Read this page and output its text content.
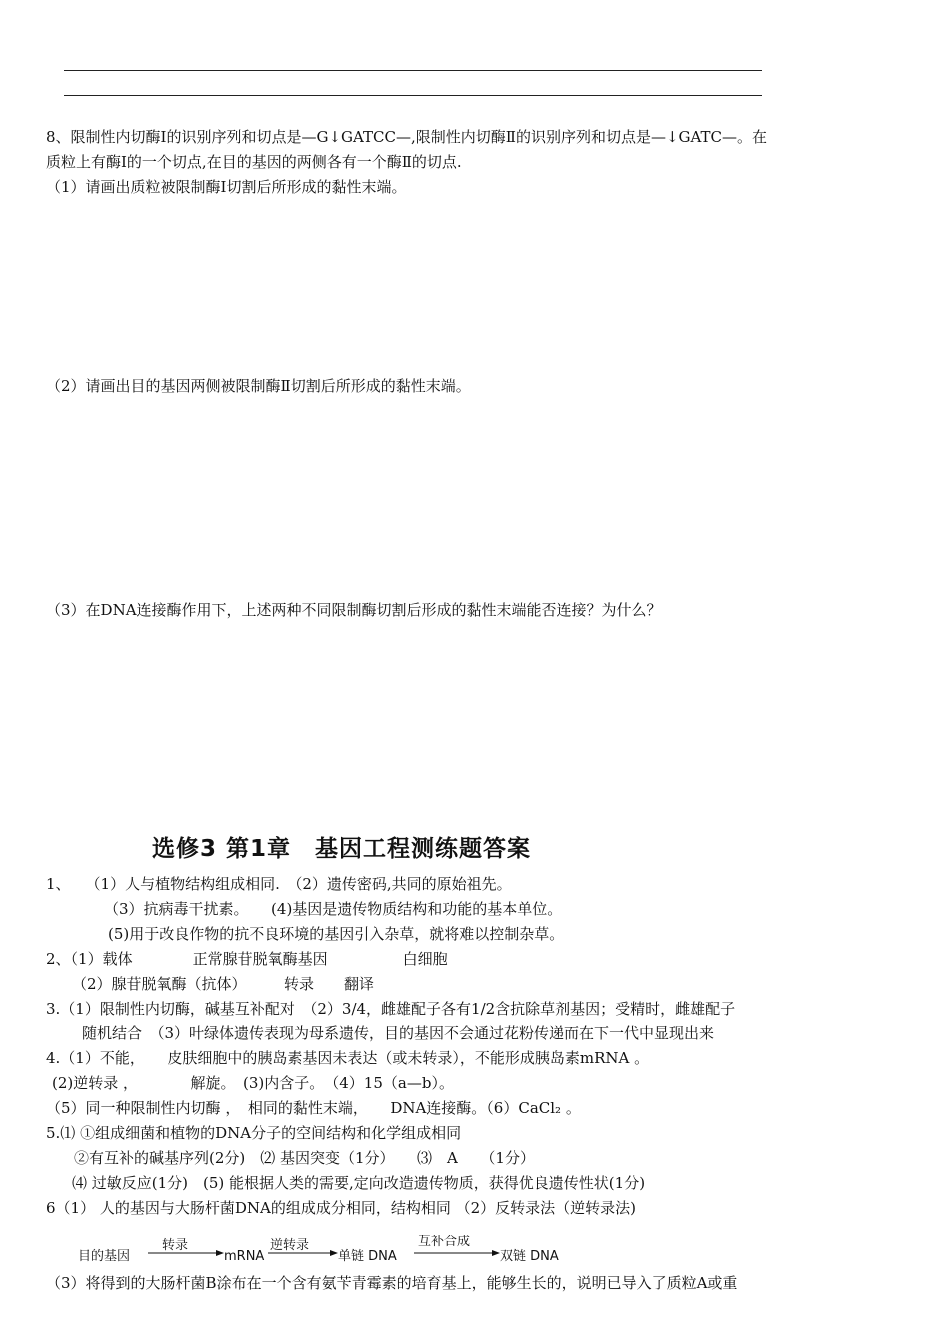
8、限制性内切酶Ⅰ的识别序列和切点是—G↓GATCC—,限制性内切酶Ⅱ的识别序列和切点是—↓GATC—。在
质粒上有酶Ⅰ的一个切点,在目的基因的两侧各有一个酶Ⅱ的切点.
（1）请画出质粒被限制酶Ⅰ切割后所形成的黏性末端。
（2）请画出目的基因两侧被限制酶Ⅱ切割后所形成的黏性末端。
（3）在DNA连接酶作用下，上述两种不同限制酶切割后形成的黏性末端能否连接？为什么？
选修3 第1章　基因工程测练题答案
1、　　（1）人与植物结构组成相同.　（2）遗传密码,共同的原始祖先。
（3）抗病毒干扰素。　　(4)基因是遗传物质结构和功能的基本单位。
(5)用于改良作物的抗不良环境的基因引入杂草，就将难以控制杂草。
2、（1）载体　　　　正常腺苷脱氧酶基因　　　　　白细胞
（2）腺苷脱氧酶（抗体）　　　转录　　翻译
3.（1）限制性内切酶，碱基互补配对　（2）3/4，雌雄配子各有1/2含抗除草剂基因；受精时，雌雄配子
随机结合　（3）叶绿体遗传表现为母系遗传，目的基因不会通过花粉传递而在下一代中显现出来
4.（1）不能，　　皮肤细胞中的胰岛素基因未表达（或未转录），不能形成胰岛素mRNA 。
(2)逆转录 ，　　　　解旋。　(3)内含子。　（4）15（a—b）。
（5）同一种限制性内切酶 ，　相同的黏性末端，　　DNA连接酶。（6）CaCl₂ 。
5.⑴ ①组成细菌和植物的DNA分子的空间结构和化学组成相同
②有互补的碱基序列(2分)　⑵ 基因突变（1分）　　⑶　A　　（1分）
⑷ 过敏反应(1分)　(5) 能根据人类的需要,定向改造遗传物质，获得优良遗传性状(1分)
6（1） 人的基因与大肠杆菌DNA的组成成分相同，结构相同 （2）反转录法（逆转录法)
目的基因
转录
mRNA
逆转录
单链 DNA
互补合成
双链 DNA
（3）将得到的大肠杆菌B涂布在一个含有氨苄青霉素的培育基上，能够生长的，说明已导入了质粒A或重
